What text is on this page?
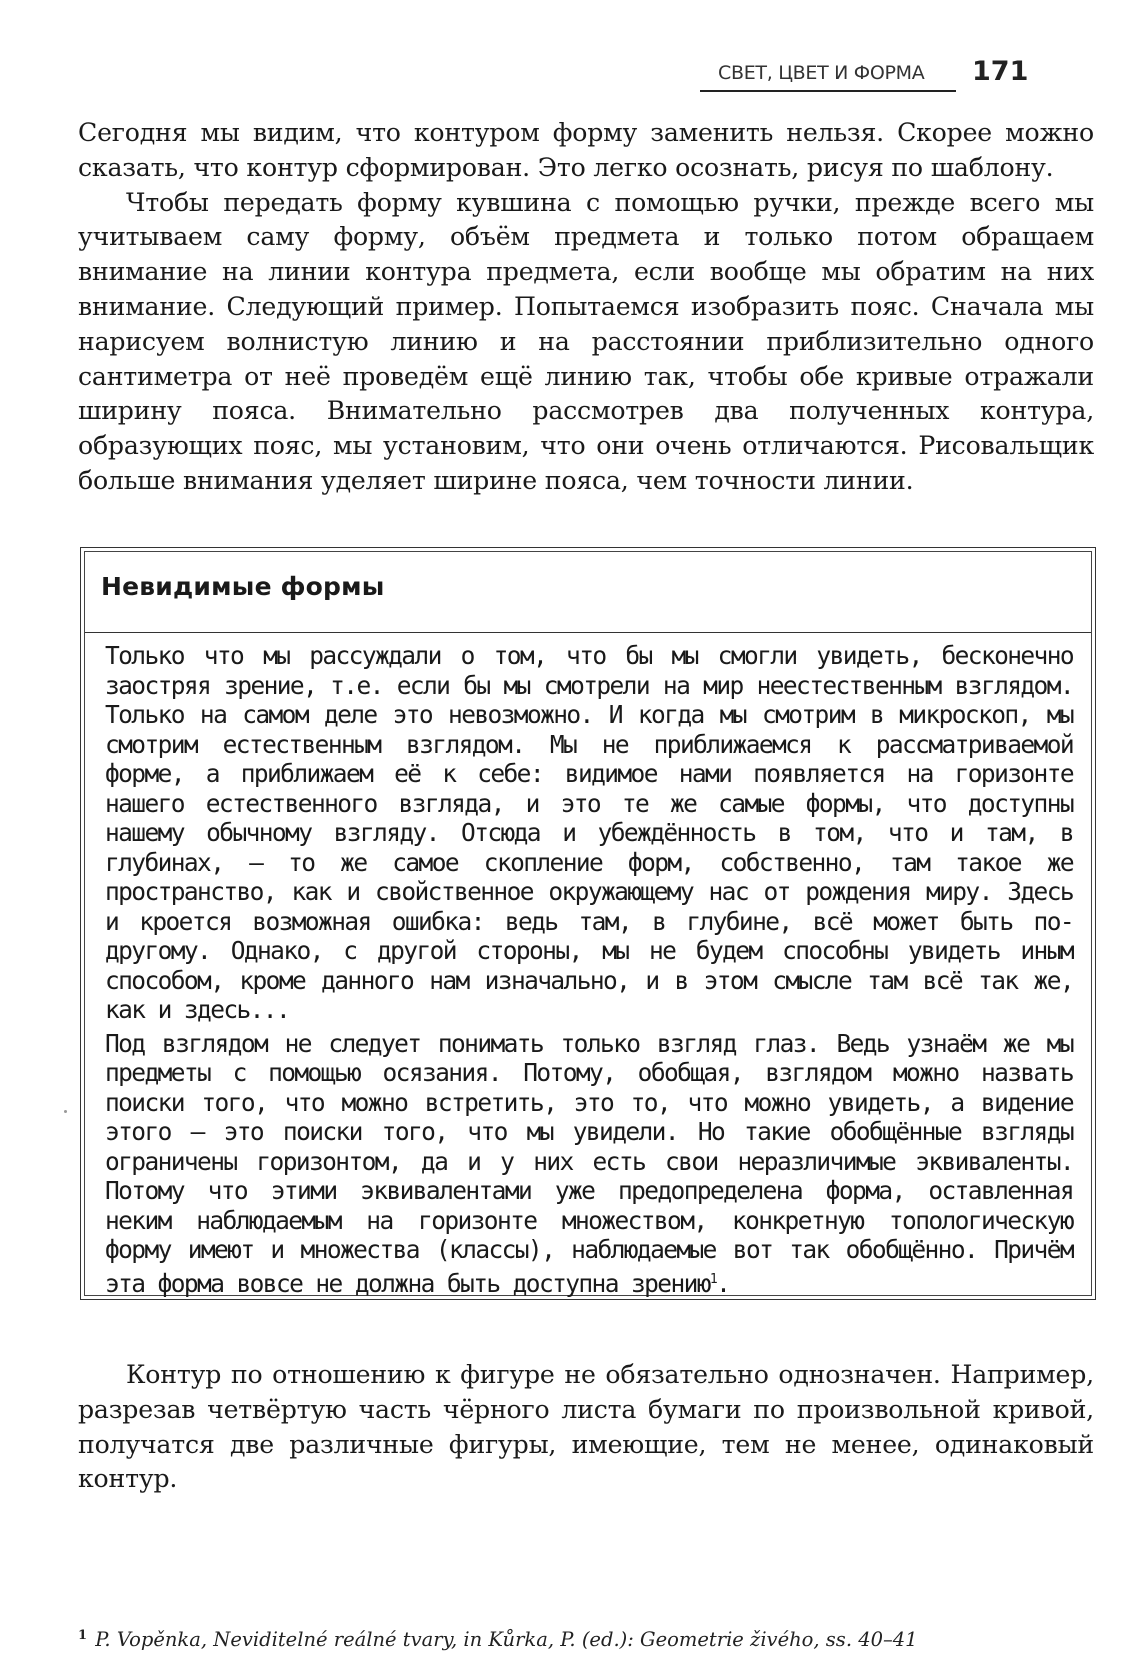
СВЕТ, ЦВЕТ И ФОРМА 171

Сегодня мы видим, что контуром форму заменить нельзя. Скорее можно сказать, что контур сформирован. Это легко осознать, рисуя по шаблону.

Чтобы передать форму кувшина с помощью ручки, прежде всего мы учитываем саму форму, объём предмета и только потом обращаем внимание на линии контура предмета, если вообще мы обратим на них внимание. Следующий пример. Попытаемся изобразить пояс. Сначала мы нарисуем волнистую линию и на расстоянии приблизительно одного сантиметра от неё проведём ещё линию так, чтобы обе кривые отражали ширину пояса. Внимательно рассмотрев два полученных контура, образующих пояс, мы установим, что они очень отличаются. Рисовальщик больше внимания уделяет ширине пояса, чем точности линии.

Невидимые формы

Только что мы рассуждали о том, что бы мы смогли увидеть, бесконечно заостряя зрение, т.е. если бы мы смотрели на мир неестественным взглядом. Только на самом деле это невозможно. И когда мы смотрим в микроскоп, мы смотрим естественным взглядом. Мы не приближаемся к рассматриваемой форме, а приближаем её к себе: видимое нами появляется на горизонте нашего естественного взгляда, и это те же самые формы, что доступны нашему обычному взгляду. Отсюда и убеждённость в том, что и там, в глубинах, – то же самое скопление форм, собственно, там такое же пространство, как и свойственное окружающему нас от рождения миру. Здесь и кроется возможная ошибка: ведь там, в глубине, всё может быть по-другому. Однако, с другой стороны, мы не будем способны увидеть иным способом, кроме данного нам изначально, и в этом смысле там всё так же, как и здесь...

Под взглядом не следует понимать только взгляд глаз. Ведь узнаём же мы предметы с помощью осязания. Потому, обобщая, взглядом можно назвать поиски того, что можно встретить, это то, что можно увидеть, а видение этого – это поиски того, что мы увидели. Но такие обобщённые взгляды ограничены горизонтом, да и у них есть свои неразличимые эквиваленты. Потому что этими эквивалентами уже предопределена форма, оставленная неким наблюдаемым на горизонте множеством, конкретную топологическую форму имеют и множества (классы), наблюдаемые вот так обобщённо. Причём эта форма вовсе не должна быть доступна зрению$^1$.

Контур по отношению к фигуре не обязательно однозначен. Например, разрезав четвёртую часть чёрного листа бумаги по произвольной кривой, получатся две различные фигуры, имеющие, тем не менее, одинаковый контур.

$^1$ P. Vopěnka, Neviditelné reálné tvary, in Kůrka, P. (ed.): Geometrie živého, ss. 40–41
